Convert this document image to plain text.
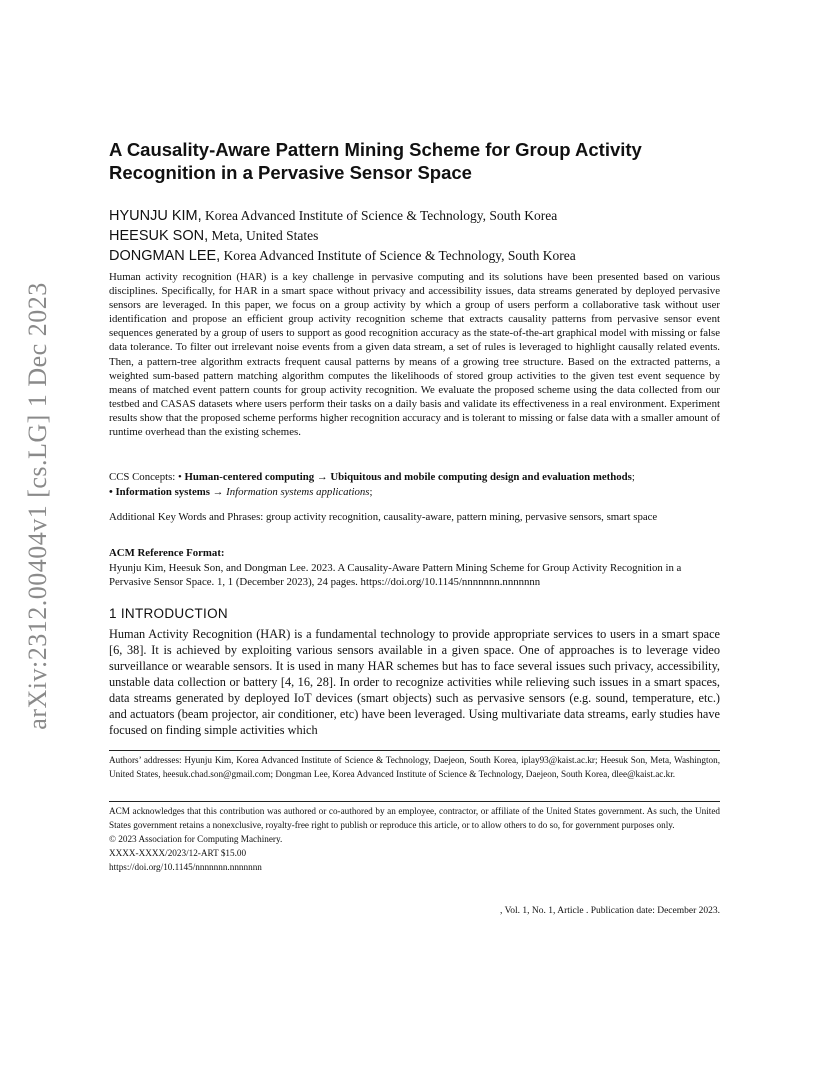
arXiv:2312.00404v1 [cs.LG] 1 Dec 2023
A Causality-Aware Pattern Mining Scheme for Group Activity
Recognition in a Pervasive Sensor Space
HYUNJU KIM, Korea Advanced Institute of Science & Technology, South Korea
HEESUK SON, Meta, United States
DONGMAN LEE, Korea Advanced Institute of Science & Technology, South Korea
Human activity recognition (HAR) is a key challenge in pervasive computing and its solutions have been presented based on various disciplines. Specifically, for HAR in a smart space without privacy and accessibility issues, data streams generated by deployed pervasive sensors are leveraged. In this paper, we focus on a group activity by which a group of users perform a collaborative task without user identification and propose an efficient group activity recognition scheme that extracts causality patterns from pervasive sensor event sequences generated by a group of users to support as good recognition accuracy as the state-of-the-art graphical model with missing or false data tolerance. To filter out irrelevant noise events from a given data stream, a set of rules is leveraged to highlight causally related events. Then, a pattern-tree algorithm extracts frequent causal patterns by means of a growing tree structure. Based on the extracted patterns, a weighted sum-based pattern matching algorithm computes the likelihoods of stored group activities to the given test event sequence by means of matched event pattern counts for group activity recognition. We evaluate the proposed scheme using the data collected from our testbed and CASAS datasets where users perform their tasks on a daily basis and validate its effectiveness in a real environment. Experiment results show that the proposed scheme performs higher recognition accuracy and is tolerant to missing or false data with a smaller amount of runtime overhead than the existing schemes.
CCS Concepts: • Human-centered computing → Ubiquitous and mobile computing design and evaluation methods;
• Information systems → Information systems applications;
Additional Key Words and Phrases: group activity recognition, causality-aware, pattern mining, pervasive sensors, smart space
ACM Reference Format:
Hyunju Kim, Heesuk Son, and Dongman Lee. 2023. A Causality-Aware Pattern Mining Scheme for Group Activity Recognition in a Pervasive Sensor Space. 1, 1 (December 2023), 24 pages. https://doi.org/10.1145/nnnnnnn.nnnnnnn
1 INTRODUCTION
Human Activity Recognition (HAR) is a fundamental technology to provide appropriate services to users in a smart space [6, 38]. It is achieved by exploiting various sensors available in a given space. One of approaches is to leverage video surveillance or wearable sensors. It is used in many HAR schemes but has to face several issues such privacy, accessibility, unstable data collection or battery [4, 16, 28]. In order to recognize activities while relieving such issues in a smart spaces, data streams generated by deployed IoT devices (smart objects) such as pervasive sensors (e.g. sound, temperature, etc.) and actuators (beam projector, air conditioner, etc) have been leveraged. Using multivariate data streams, early studies have focused on finding simple activities which
Authors’ addresses: Hyunju Kim, Korea Advanced Institute of Science & Technology, Daejeon, South Korea, iplay93@kaist.ac.kr; Heesuk Son, Meta, Washington, United States, heesuk.chad.son@gmail.com; Dongman Lee, Korea Advanced Institute of Science & Technology, Daejeon, South Korea, dlee@kaist.ac.kr.
ACM acknowledges that this contribution was authored or co-authored by an employee, contractor, or affiliate of the United States government. As such, the United States government retains a nonexclusive, royalty-free right to publish or reproduce this article, or to allow others to do so, for government purposes only.
© 2023 Association for Computing Machinery.
XXXX-XXXX/2023/12-ART $15.00
https://doi.org/10.1145/nnnnnnn.nnnnnnn
, Vol. 1, No. 1, Article . Publication date: December 2023.
